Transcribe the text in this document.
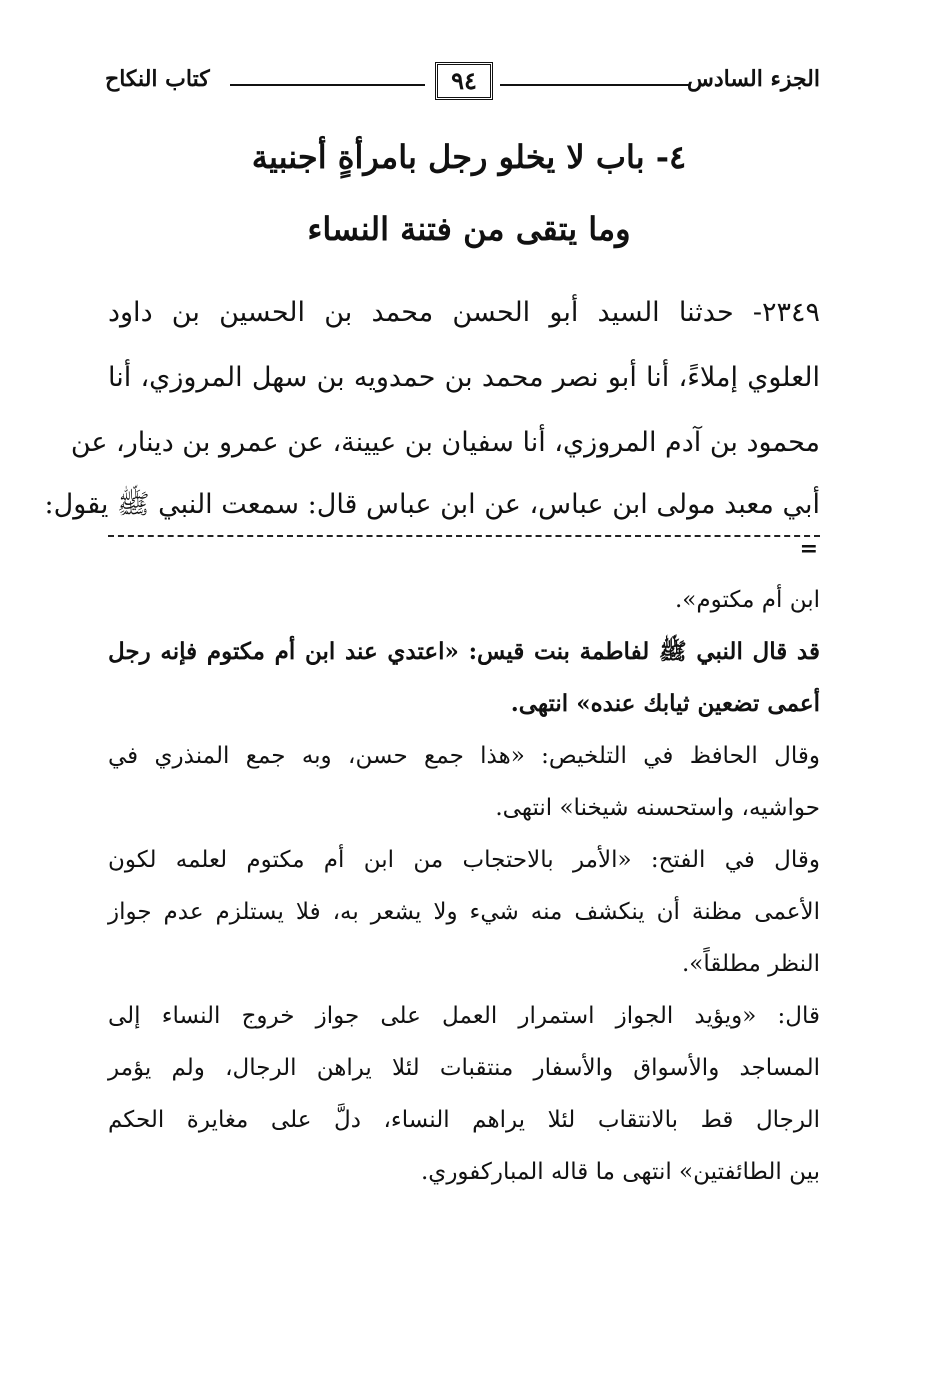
الجزء السادس
٩٤
كتاب النكاح
٤- باب لا يخلو رجل بامرأةٍ أجنبية
وما يتقى من فتنة النساء
٢٣٤٩- حدثنا السيد أبو الحسن محمد بن الحسين بن داود
العلوي إملاءً، أنا أبو نصر محمد بن حمدويه بن سهل المروزي، أنا
محمود بن آدم المروزي، أنا سفيان بن عيينة، عن عمرو بن دينار، عن
أبي معبد مولى ابن عباس، عن ابن عباس قال: سمعت النبي ﷺ يقول:
=
ابن أم مكتوم».
قد قال النبي ﷺ لفاطمة بنت قيس: «اعتدي عند ابن أم مكتوم فإنه رجل
أعمى تضعين ثيابك عنده» انتهى.
وقال الحافظ في التلخيص: «هذا جمع حسن، وبه جمع المنذري في
حواشيه، واستحسنه شيخنا» انتهى.
وقال في الفتح: «الأمر بالاحتجاب من ابن أم مكتوم لعلمه لكون
الأعمى مظنة أن ينكشف منه شيء ولا يشعر به، فلا يستلزم عدم جواز
النظر مطلقاً».
قال: «ويؤيد الجواز استمرار العمل على جواز خروج النساء إلى
المساجد والأسواق والأسفار منتقبات لئلا يراهن الرجال، ولم يؤمر
الرجال قط بالانتقاب لئلا يراهم النساء، دلَّ على مغايرة الحكم
بين الطائفتين» انتهى ما قاله المباركفوري.
